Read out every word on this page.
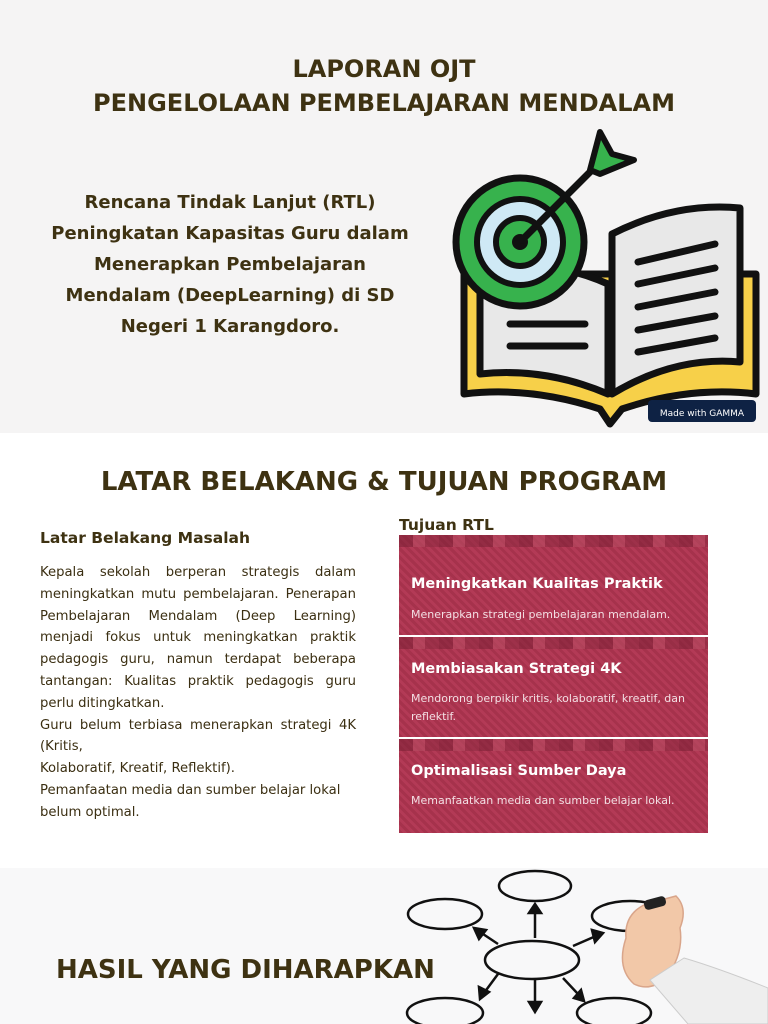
LAPORAN OJT
PENGELOLAAN PEMBELAJARAN MENDALAM
Rencana Tindak Lanjut (RTL)
Peningkatan Kapasitas Guru dalam
Menerapkan Pembelajaran
Mendalam (DeepLearning) di SD
Negeri 1 Karangdoro.
Made with GAMMA
LATAR BELAKANG & TUJUAN PROGRAM
Latar Belakang Masalah

Kepala sekolah berperan strategis dalam meningkatkan mutu pembelajaran. Penerapan Pembelajaran Mendalam (Deep Learning) menjadi fokus untuk meningkatkan praktik pedagogis guru, namun terdapat beberapa tantangan: Kualitas praktik pedagogis guru perlu ditingkatkan.

Guru belum terbiasa menerapkan strategi 4K (Kritis,

Kolaboratif, Kreatif, Reflektif).

Pemanfaatan media dan sumber belajar lokal belum optimal.

Tujuan RTL
Meningkatkan Kualitas Praktik
Menerapkan strategi pembelajaran mendalam.
Membiasakan Strategi 4K
Mendorong berpikir kritis, kolaboratif, kreatif, dan reflektif.
Optimalisasi Sumber Daya
Memanfaatkan media dan sumber belajar lokal.
HASIL YANG DIHARAPKAN
